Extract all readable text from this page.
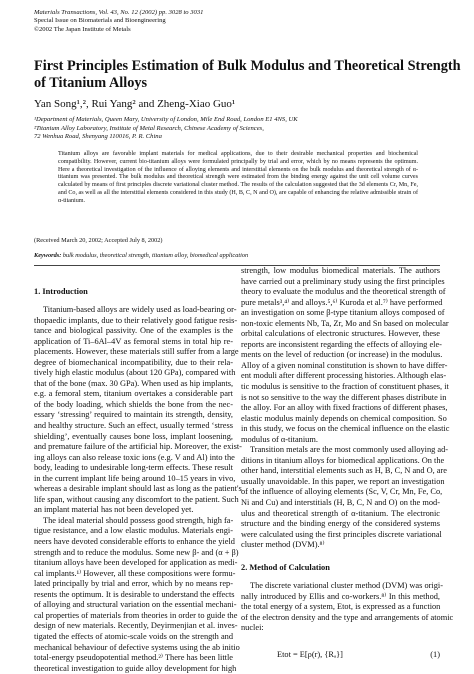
Materials Transactions, Vol. 43, No. 12 (2002) pp. 3028 to 3031
Special Issue on Biomaterials and Bioengineering
©2002 The Japan Institute of Metals
First Principles Estimation of Bulk Modulus and Theoretical Strength
of Titanium Alloys
Yan Song¹,², Rui Yang² and Zheng-Xiao Guo¹
¹Department of Materials, Queen Mary, University of London, Mile End Road, London E1 4NS, UK
²Titanium Alloy Laboratory, Institute of Metal Research, Chinese Academy of Sciences,
72 Wenhua Road, Shenyang 110016, P. R. China
Titanium alloys are favorable implant materials for medical applications, due to their desirable mechanical properties and biochemical compatibility. However, current bio-titanium alloys were formulated principally by trial and error, which by no means represents the optimum. Here a theoretical investigation of the influence of alloying elements and interstitial elements on the bulk modulus and theoretical strength of α-titanium was presented. The bulk modulus and theoretical strength were estimated from the binding energy against the unit cell volume curves calculated by means of first principles discrete variational cluster method. The results of the calculation suggested that the 3d elements Cr, Mn, Fe, and Co, as well as all the interstitial elements considered in this study (H, B, C, N and O), are capable of enhancing the relative admissible strain of α-titanium.
(Received March 20, 2002; Accepted July 8, 2002)
Keywords: bulk modulus, theoretical strength, titanium alloy, biomedical application
1. Introduction
Titanium-based alloys are widely used as load-bearing or-
thopaedic implants, due to their relatively good fatigue resis-
tance and biological passivity. One of the examples is the
application of Ti–6Al–4V as femoral stems in total hip re-
placements. However, these materials still suffer from a large
degree of biomechanical incompatibility, due to their rela-
tively high elastic modulus (about 120 GPa), compared with
that of the bone (max. 30 GPa). When used as hip implants,
e.g. a femoral stem, titanium overtakes a considerable part
of the body loading, which shields the bone from the nec-
essary ‘stressing’ required to maintain its strength, density,
and healthy structure. Such an effect, usually termed ‘stress
shielding’, eventually causes bone loss, implant loosening,
and premature failure of the artificial hip. Moreover, the exist-
ing alloys can also release toxic ions (e.g. V and Al) into the
body, leading to undesirable long-term effects. These result
in the current implant life being around 10–15 years in vivo,
whereas a desirable implant should last as long as the patient's
life span, without causing any discomfort to the patient. Such
an implant material has not been developed yet.
The ideal material should possess good strength, high fa-
tigue resistance, and a low elastic modulus. Materials engi-
neers have devoted considerable efforts to enhance the yield
strength and to reduce the modulus. Some new β- and (α + β)
titanium alloys have been developed for application as medi-
cal implants.¹⁾ However, all these compositions were formu-
lated principally by trial and error, which by no means rep-
resents the optimum. It is desirable to understand the effects
of alloying and structural variation on the essential mechani-
cal properties of materials from theories in order to guide the
design of new materials. Recently, Deyirmenjian et al. inves-
tigated the effects of atomic-scale voids on the strength and
mechanical behaviour of defective systems using the ab initio
total-energy pseudopotential method.²⁾ There has been little
theoretical investigation to guide alloy development for high
strength, low modulus biomedical materials. The authors
have carried out a preliminary study using the first principles
theory to evaluate the modulus and the theoretical strength of
pure metals³,⁴⁾ and alloys.⁵,⁶⁾ Kuroda et al.⁷⁾ have performed
an investigation on some β-type titanium alloys composed of
non-toxic elements Nb, Ta, Zr, Mo and Sn based on molecular
orbital calculations of electronic structures. However, these
reports are inconsistent regarding the effects of alloying ele-
ments on the level of reduction (or increase) in the modulus.
Alloy of a given nominal constitution is shown to have differ-
ent moduli after different processing histories. Although elas-
tic modulus is sensitive to the fraction of constituent phases, it
is not so sensitive to the way the different phases distribute in
the alloy. For an alloy with fixed fractions of different phases,
elastic modulus mainly depends on chemical composition. So
in this study, we focus on the chemical influence on the elastic
modulus of α-titanium.
Transition metals are the most commonly used alloying ad-
ditions in titanium alloys for biomedical applications. On the
other hand, interstitial elements such as H, B, C, N and O, are
usually unavoidable. In this paper, we report an investigation
of the influence of alloying elements (Sc, V, Cr, Mn, Fe, Co,
Ni and Cu) and interstitials (H, B, C, N and O) on the mod-
ulus and theoretical strength of α-titanium. The electronic
structure and the binding energy of the considered systems
were calculated using the first principles discrete variational
cluster method (DVM).⁸⁾
2. Method of Calculation
The discrete variational cluster method (DVM) was origi-
nally introduced by Ellis and co-workers.⁸⁾ In this method,
the total energy of a system, Etot, is expressed as a function
of the electron density and the type and arrangements of atomic
nuclei:
Etot = E[ρ(r), {Rₐ}]	(1)
